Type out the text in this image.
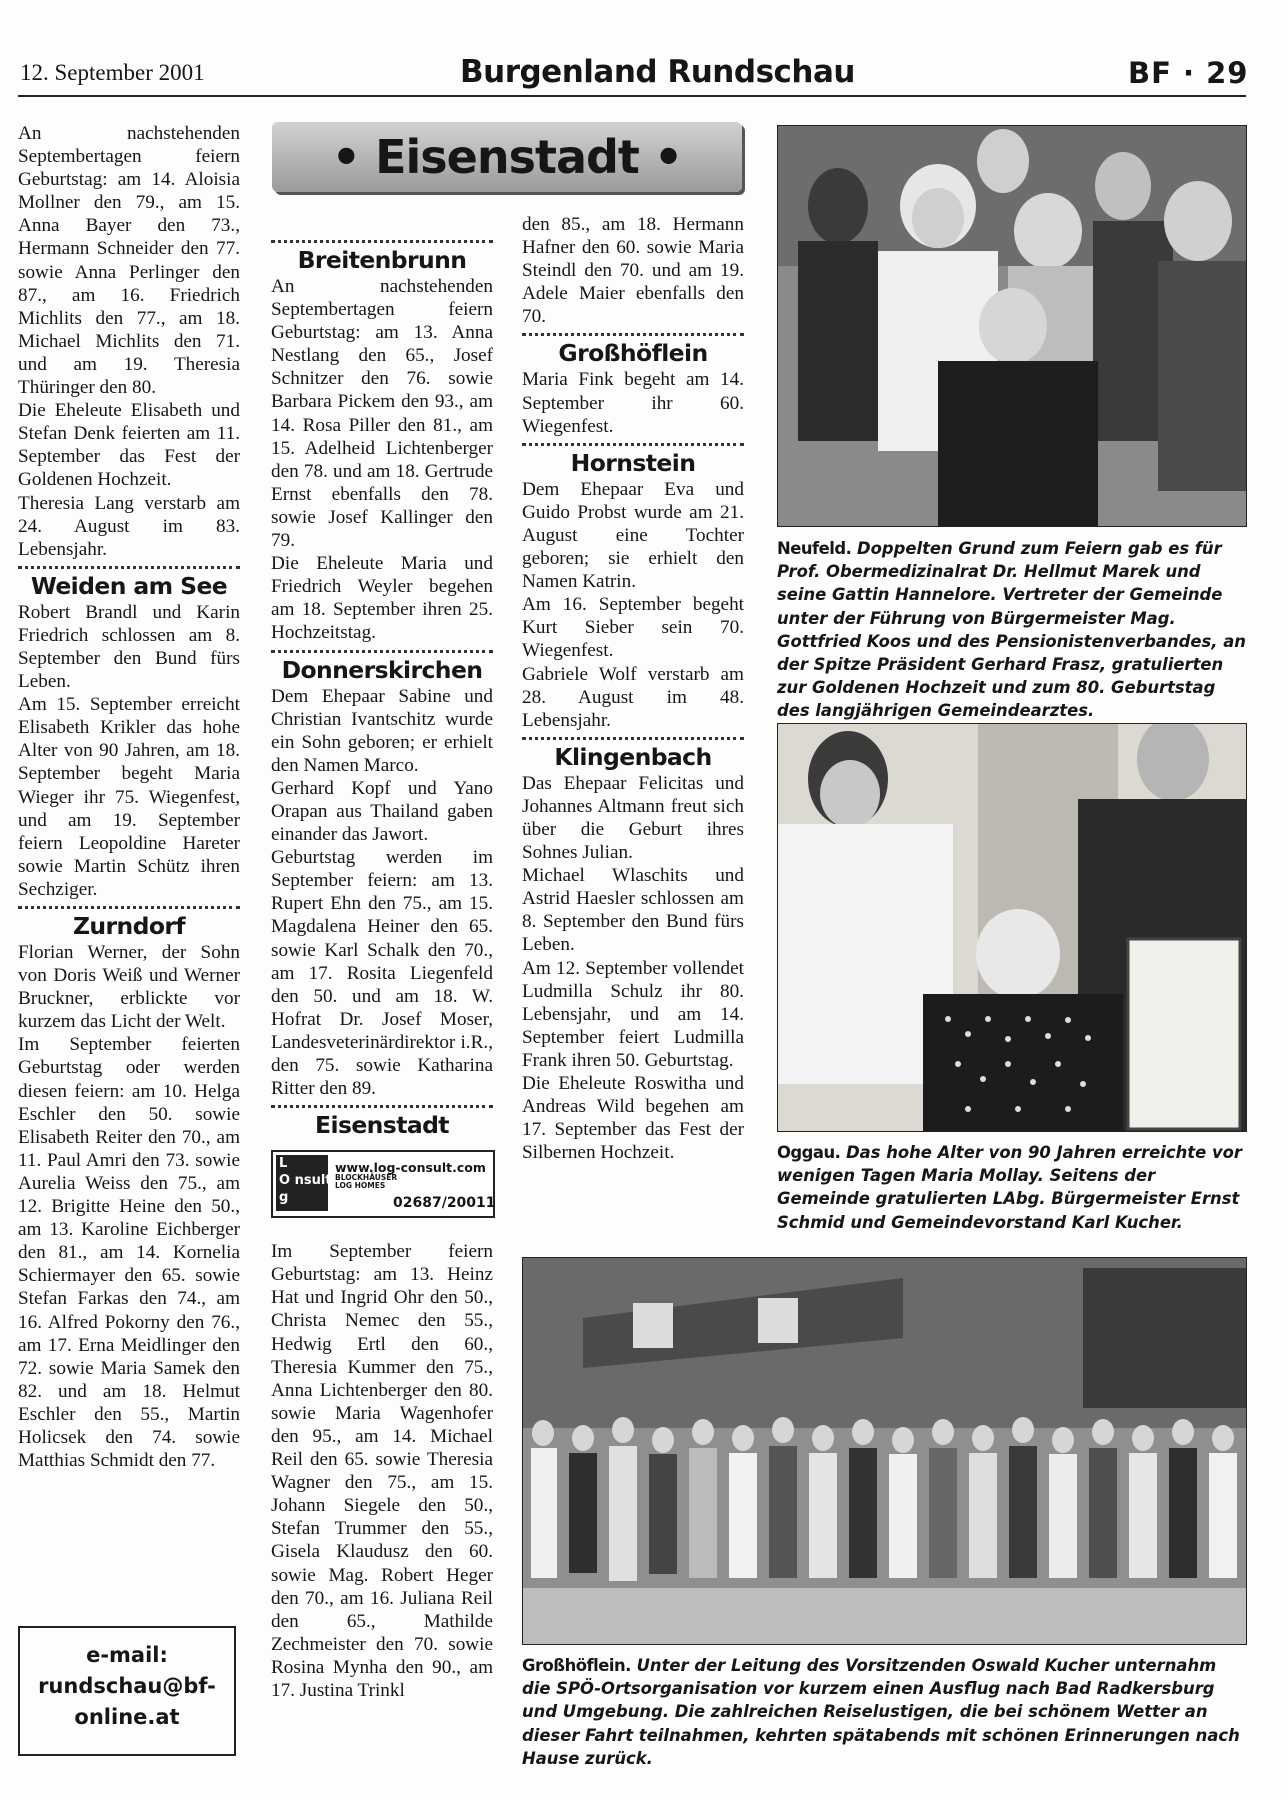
12. September 2001	Burgenland Rundschau	BF · 29
• Eisenstadt •

An nachstehenden Septembertagen feiern Geburtstag: am 14. Aloisia Mollner den 79., am 15. Anna Bayer den 73., Hermann Schneider den 77. sowie Anna Perlinger den 87., am 16. Friedrich Michlits den 77., am 18. Michael Michlits den 71. und am 19. Theresia Thüringer den 80.

Die Eheleute Elisabeth und Stefan Denk feierten am 11. September das Fest der Goldenen Hochzeit.

Theresia Lang verstarb am 24. August im 83. Lebensjahr.

Weiden am See

Robert Brandl und Karin Friedrich schlossen am 8. September den Bund fürs Leben.

Am 15. September erreicht Elisabeth Krikler das hohe Alter von 90 Jahren, am 18. September begeht Maria Wieger ihr 75. Wiegenfest, und am 19. September feiern Leopoldine Hareter sowie Martin Schütz ihren Sechziger.

Zurndorf

Florian Werner, der Sohn von Doris Weiß und Werner Bruckner, erblickte vor kurzem das Licht der Welt.

Im September feierten Geburtstag oder werden diesen feiern: am 10. Helga Eschler den 50. sowie Elisabeth Reiter den 70., am 11. Paul Amri den 73. sowie Aurelia Weiss den 75., am 12. Brigitte Heine den 50., am 13. Karoline Eichberger den 81., am 14. Kornelia Schiermayer den 65. sowie Stefan Farkas den 74., am 16. Alfred Pokorny den 76., am 17. Erna Meidlinger den 72. sowie Maria Samek den 82. und am 18. Helmut Eschler den 55., Martin Holicsek den 74. sowie Matthias Schmidt den 77.

e-mail:
rundschau@bf-
online.at
Breitenbrunn

An nachstehenden Septembertagen feiern Geburtstag: am 13. Anna Nestlang den 65., Josef Schnitzer den 76. sowie Barbara Pickem den 93., am 14. Rosa Piller den 81., am 15. Adelheid Lichtenberger den 78. und am 18. Gertrude Ernst ebenfalls den 78. sowie Josef Kallinger den 79.

Die Eheleute Maria und Friedrich Weyler begehen am 18. September ihren 25. Hochzeitstag.

Donnerskirchen

Dem Ehepaar Sabine und Christian Ivantschitz wurde ein Sohn geboren; er erhielt den Namen Marco.

Gerhard Kopf und Yano Orapan aus Thailand gaben einander das Jawort.

Geburtstag werden im September feiern: am 13. Rupert Ehn den 75., am 15. Magdalena Heiner den 65. sowie Karl Schalk den 70., am 17. Rosita Liegenfeld den 50. und am 18. W. Hofrat Dr. Josef Moser, Landesveterinärdirektor i.R., den 75. sowie Katharina Ritter den 89.

Eisenstadt
L
O nsult
g
www.log-consult.com
BLOCKHÄUSER
LOG HOMES
02687/20011

Im September feiern Geburtstag: am 13. Heinz Hat und Ingrid Ohr den 50., Christa Nemec den 55., Hedwig Ertl den 60., Theresia Kummer den 75., Anna Lichtenberger den 80. sowie Maria Wagenhofer den 95., am 14. Michael Reil den 65. sowie Theresia Wagner den 75., am 15. Johann Siegele den 50., Stefan Trummer den 55., Gisela Klaudusz den 60. sowie Mag. Robert Heger den 70., am 16. Juliana Reil den 65., Mathilde Zechmeister den 70. sowie Rosina Mynha den 90., am 17. Justina Trinkl

den 85., am 18. Hermann Hafner den 60. sowie Maria Steindl den 70. und am 19. Adele Maier ebenfalls den 70.

Großhöflein

Maria Fink begeht am 14. September ihr 60. Wiegenfest.

Hornstein

Dem Ehepaar Eva und Guido Probst wurde am 21. August eine Tochter geboren; sie erhielt den Namen Katrin.

Am 16. September begeht Kurt Sieber sein 70. Wiegenfest.

Gabriele Wolf verstarb am 28. August im 48. Lebensjahr.

Klingenbach

Das Ehepaar Felicitas und Johannes Altmann freut sich über die Geburt ihres Sohnes Julian.

Michael Wlaschits und Astrid Haesler schlossen am 8. September den Bund fürs Leben.

Am 12. September vollendet Ludmilla Schulz ihr 80. Lebensjahr, und am 14. September feiert Ludmilla Frank ihren 50. Geburtstag.

Die Eheleute Roswitha und Andreas Wild begehen am 17. September das Fest der Silbernen Hochzeit.

Neufeld. Doppelten Grund zum Feiern gab es für Prof. Obermedizinalrat Dr. Hellmut Marek und seine Gattin Hannelore. Vertreter der Gemeinde unter der Führung von Bürgermeister Mag. Gottfried Koos und des Pensionistenverbandes, an der Spitze Präsident Gerhard Frasz, gratulierten zur Goldenen Hochzeit und zum 80. Geburtstag des langjährigen Gemeindearztes.
Oggau. Das hohe Alter von 90 Jahren erreichte vor wenigen Tagen Maria Mollay. Seitens der Gemeinde gratulierten LAbg. Bürgermeister Ernst Schmid und Gemeindevorstand Karl Kucher.
Großhöflein. Unter der Leitung des Vorsitzenden Oswald Kucher unternahm die SPÖ-Ortsorganisation vor kurzem einen Ausflug nach Bad Radkersburg und Umgebung. Die zahlreichen Reiselustigen, die bei schönem Wetter an dieser Fahrt teilnahmen, kehrten spätabends mit schönen Erinnerungen nach Hause zurück.
